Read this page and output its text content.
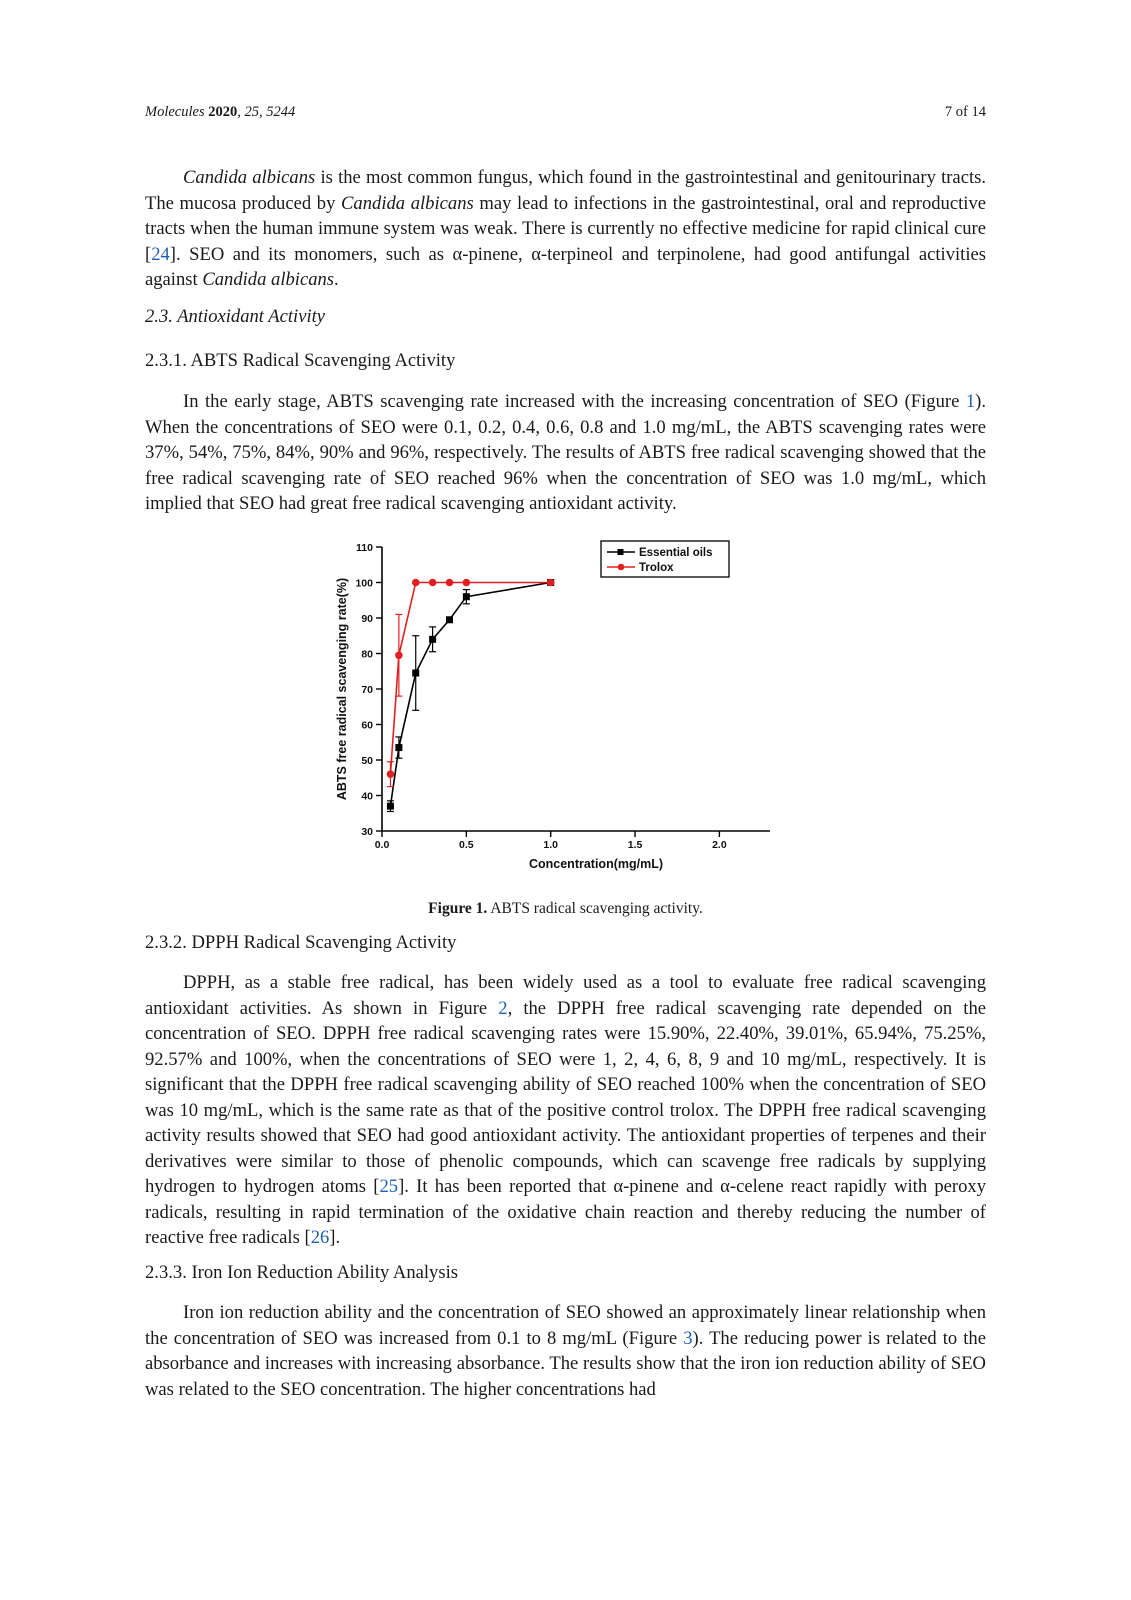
Molecules 2020, 25, 5244	7 of 14

Candida albicans is the most common fungus, which found in the gastrointestinal and genitourinary tracts. The mucosa produced by Candida albicans may lead to infections in the gastrointestinal, oral and reproductive tracts when the human immune system was weak. There is currently no effective medicine for rapid clinical cure [24]. SEO and its monomers, such as α-pinene, α-terpineol and terpinolene, had good antifungal activities against Candida albicans.

2.3. Antioxidant Activity
2.3.1. ABTS Radical Scavenging Activity

In the early stage, ABTS scavenging rate increased with the increasing concentration of SEO (Figure 1). When the concentrations of SEO were 0.1, 0.2, 0.4, 0.6, 0.8 and 1.0 mg/mL, the ABTS scavenging rates were 37%, 54%, 75%, 84%, 90% and 96%, respectively. The results of ABTS free radical scavenging showed that the free radical scavenging rate of SEO reached 96% when the concentration of SEO was 1.0 mg/mL, which implied that SEO had great free radical scavenging antioxidant activity.

30
40
50
60
70
80
90
100
110
0.0	0.5	1.0	1.5	2.0
Concentration(mg/mL)
ABTS free radical scavenging rate(%)
Essential oils
Trolox
Figure 1. ABTS radical scavenging activity.
2.3.2. DPPH Radical Scavenging Activity

DPPH, as a stable free radical, has been widely used as a tool to evaluate free radical scavenging antioxidant activities. As shown in Figure 2, the DPPH free radical scavenging rate depended on the concentration of SEO. DPPH free radical scavenging rates were 15.90%, 22.40%, 39.01%, 65.94%, 75.25%, 92.57% and 100%, when the concentrations of SEO were 1, 2, 4, 6, 8, 9 and 10 mg/mL, respectively. It is significant that the DPPH free radical scavenging ability of SEO reached 100% when the concentration of SEO was 10 mg/mL, which is the same rate as that of the positive control trolox. The DPPH free radical scavenging activity results showed that SEO had good antioxidant activity. The antioxidant properties of terpenes and their derivatives were similar to those of phenolic compounds, which can scavenge free radicals by supplying hydrogen to hydrogen atoms [25]. It has been reported that α-pinene and α-celene react rapidly with peroxy radicals, resulting in rapid termination of the oxidative chain reaction and thereby reducing the number of reactive free radicals [26].

2.3.3. Iron Ion Reduction Ability Analysis

Iron ion reduction ability and the concentration of SEO showed an approximately linear relationship when the concentration of SEO was increased from 0.1 to 8 mg/mL (Figure 3). The reducing power is related to the absorbance and increases with increasing absorbance. The results show that the iron ion reduction ability of SEO was related to the SEO concentration. The higher concentrations had
